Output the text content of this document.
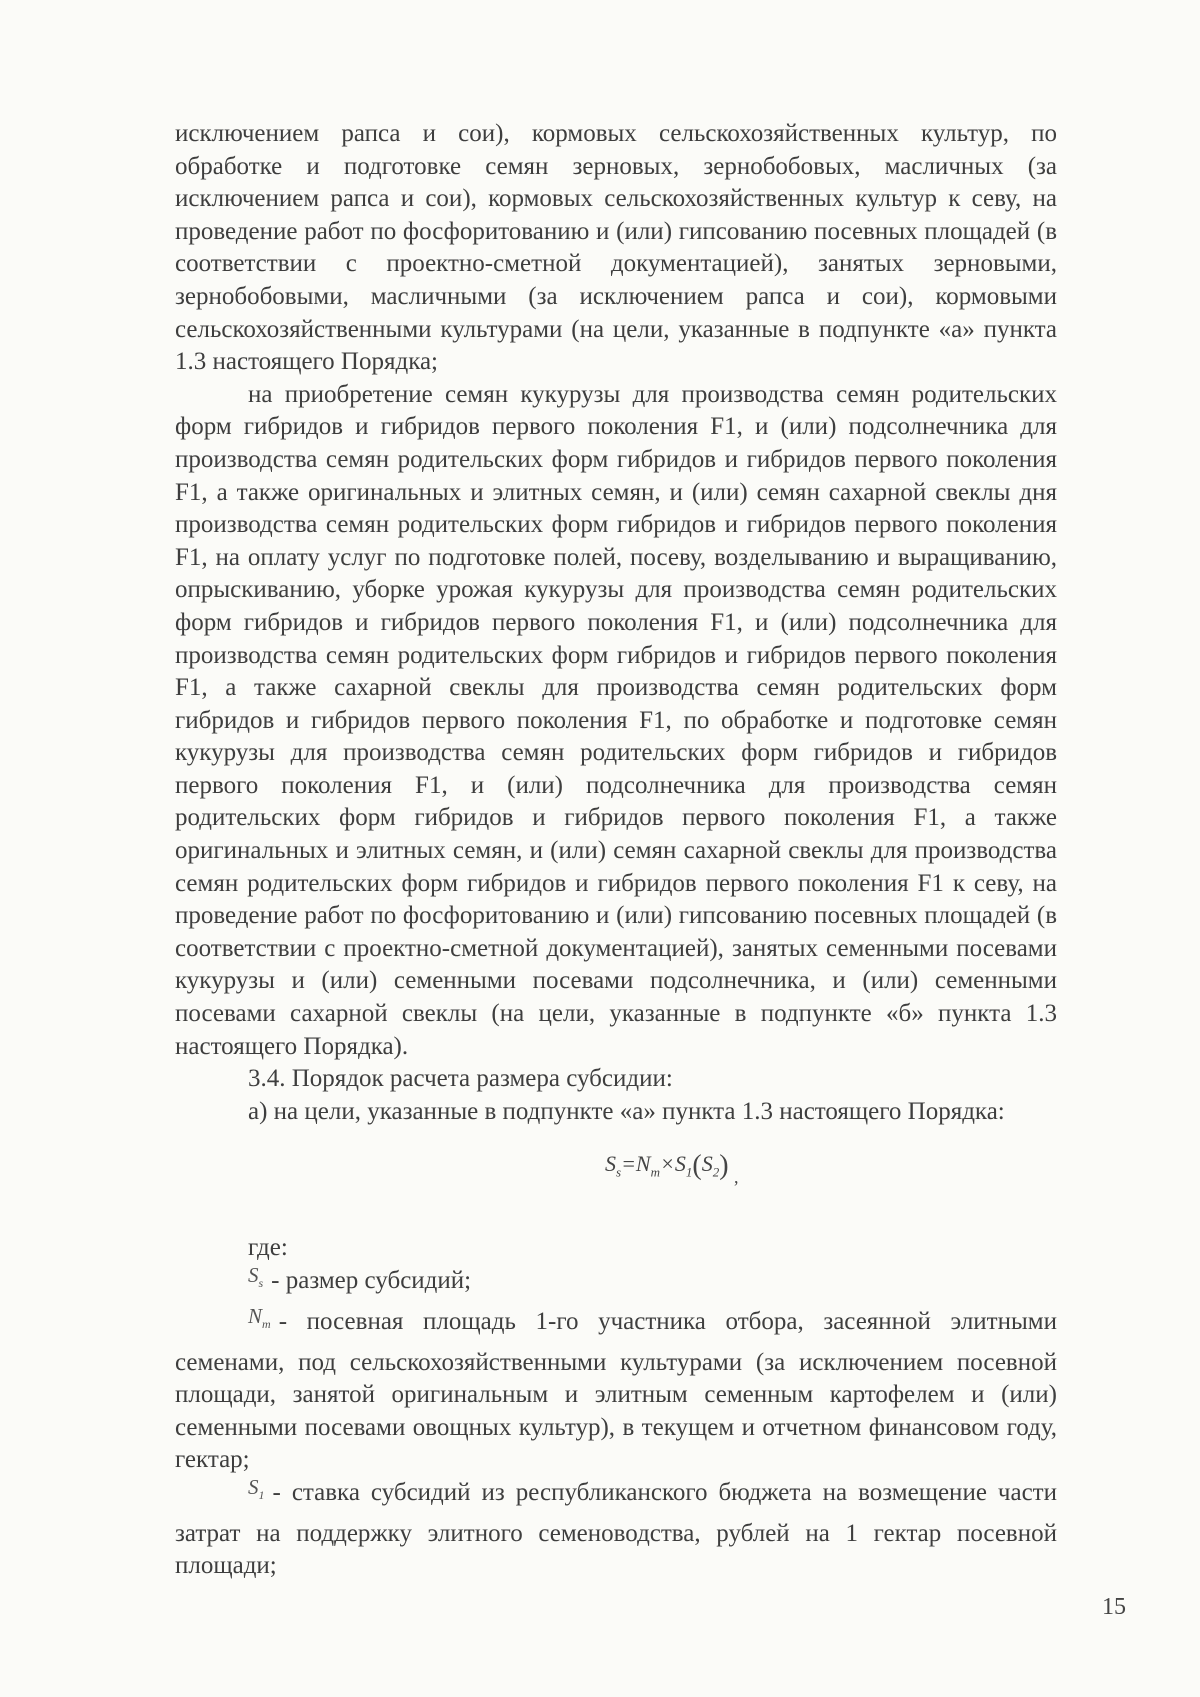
исключением рапса и сои), кормовых сельскохозяйственных культур, по обработке и подготовке семян зерновых, зернобобовых, масличных (за исключением рапса и сои), кормовых сельскохозяйственных культур к севу, на проведение работ по фосфоритованию и (или) гипсованию посевных площадей (в соответствии с проектно-сметной документацией), занятых зерновыми, зернобобовыми, масличными (за исключением рапса и сои), кормовыми сельскохозяйственными культурами (на цели, указанные в подпункте «а» пункта 1.3 настоящего Порядка;

на приобретение семян кукурузы для производства семян родительских форм гибридов и гибридов первого поколения F1, и (или) подсолнечника для производства семян родительских форм гибридов и гибридов первого поколения F1, а также оригинальных и элитных семян, и (или) семян сахарной свеклы дня производства семян родительских форм гибридов и гибридов первого поколения F1, на оплату услуг по подготовке полей, посеву, возделыванию и выращиванию, опрыскиванию, уборке урожая кукурузы для производства семян родительских форм гибридов и гибридов первого поколения F1, и (или) подсолнечника для производства семян родительских форм гибридов и гибридов первого поколения F1, а также сахарной свеклы для производства семян родительских форм гибридов и гибридов первого поколения F1, по обработке и подготовке семян кукурузы для производства семян родительских форм гибридов и гибридов первого поколения F1, и (или) подсолнечника для производства семян родительских форм гибридов и гибридов первого поколения F1, а также оригинальных и элитных семян, и (или) семян сахарной свеклы для производства семян родительских форм гибридов и гибридов первого поколения F1 к севу, на проведение работ по фосфоритованию и (или) гипсованию посевных площадей (в соответствии с проектно-сметной документацией), занятых семенными посевами кукурузы и (или) семенными посевами подсолнечника, и (или) семенными посевами сахарной свеклы (на цели, указанные в подпункте «б» пункта 1.3 настоящего Порядка).

3.4. Порядок расчета размера субсидии:

а) на цели, указанные в подпункте «а» пункта 1.3 настоящего Порядка:

$S_s=N_m\times S_1(S_2)$ $_,$

где:

$^{S_s}$ - размер субсидий;

$^{N_m}$ - посевная площадь 1-го участника отбора, засеянной элитными семенами, под сельскохозяйственными культурами (за исключением посевной площади, занятой оригинальным и элитным семенным картофелем и (или) семенными посевами овощных культур), в текущем и отчетном финансовом году, гектар;

$^{S_1}$ - ставка субсидий из республиканского бюджета на возмещение части затрат на поддержку элитного семеноводства, рублей на 1 гектар посевной площади;

15
